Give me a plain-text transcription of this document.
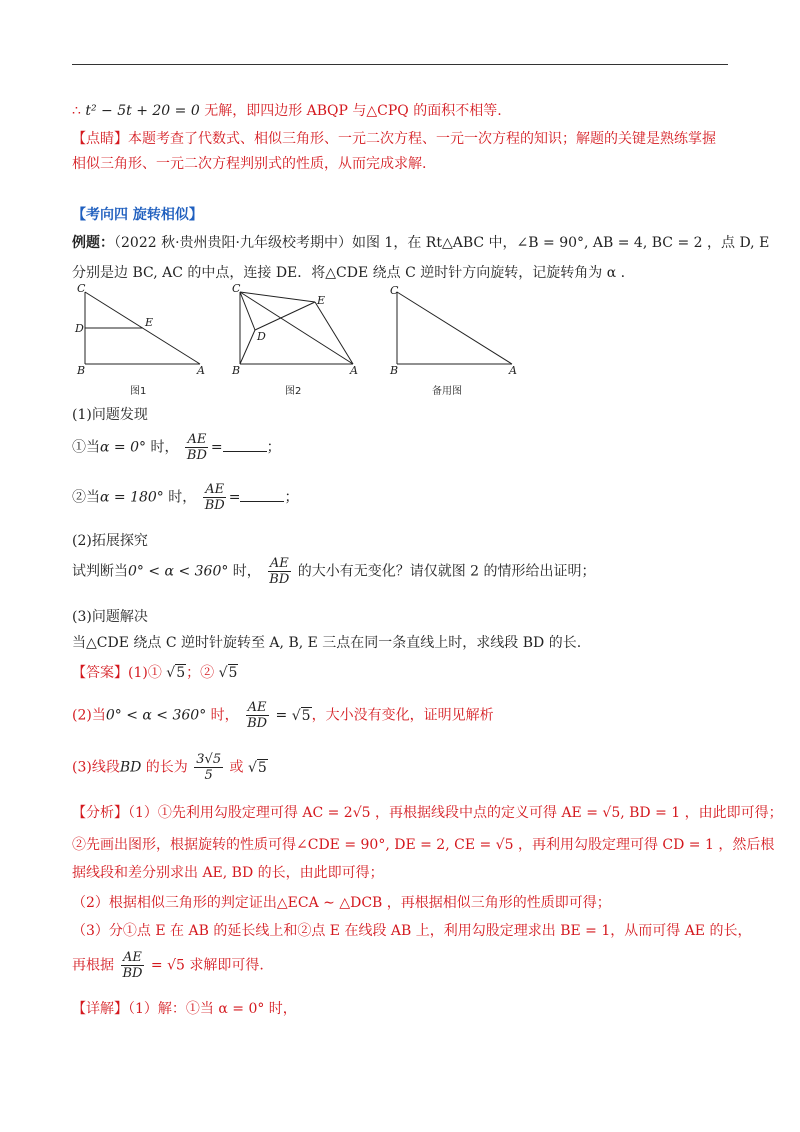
∴ t² − 5t + 20 = 0 无解，即四边形 ABQP 与△CPQ 的面积不相等.
【点睛】本题考查了代数式、相似三角形、一元二次方程、一元一次方程的知识；解题的关键是熟练掌握
相似三角形、一元二次方程判别式的性质，从而完成求解.
【考向四 旋转相似】
例题：（2022 秋·贵州贵阳·九年级校考期中）如图 1，在 Rt△ABC 中，∠B = 90°, AB = 4, BC = 2 ，点 D, E
分别是边 BC, AC 的中点，连接 DE．将△CDE 绕点 C 逆时针方向旋转，记旋转角为 α .
C
D	E
B	A
图1
C
E
D
B	A
图2
C
B	A
备用图
(1)问题发现
①当α = 0° 时， $\frac{AE}{BD}$ =	；
②当α = 180° 时， $\frac{AE}{BD}$ =	；
(2)拓展探究
试判断当0° < α < 360° 时， $\frac{AE}{BD}$ 的大小有无变化？请仅就图 2 的情形给出证明；
(3)问题解决
当△CDE 绕点 C 逆时针旋转至 A, B, E 三点在同一条直线上时，求线段 BD 的长.
【答案】(1)① √5；② √5
(2)当0° < α < 360° 时， $\frac{AE}{BD} = √5$，大小没有变化，证明见解析
(3)线段BD 的长为 $\frac{3√5}{5}$ 或 √5
【分析】（1）①先利用勾股定理可得 AC = 2√5 ，再根据线段中点的定义可得 AE = √5, BD = 1 ，由此即可得；
②先画出图形，根据旋转的性质可得∠CDE = 90°, DE = 2, CE = √5 ，再利用勾股定理可得 CD = 1 ，然后根
据线段和差分别求出 AE, BD 的长，由此即可得；
（2）根据相似三角形的判定证出△ECA ∼ △DCB ，再根据相似三角形的性质即可得；
（3）分①点 E 在 AB 的延长线上和②点 E 在线段 AB 上，利用勾股定理求出 BE = 1，从而可得 AE 的长，
再根据 $\frac{AE}{BD} = √5$ 求解即可得.
【详解】（1）解：①当 α = 0° 时，
